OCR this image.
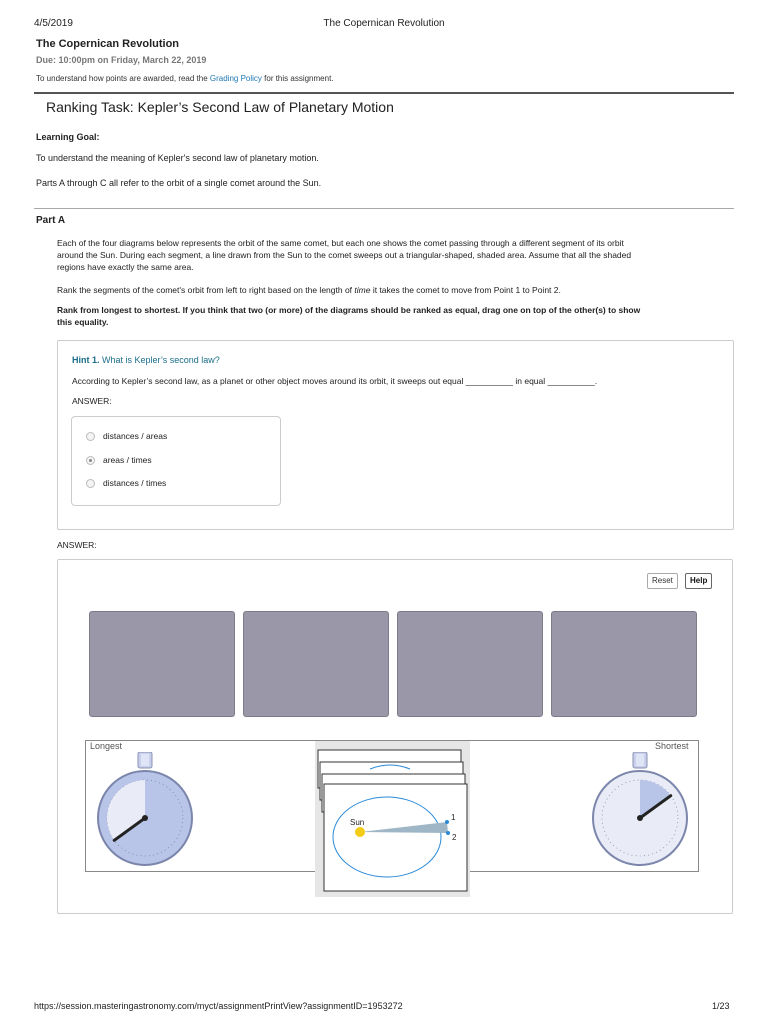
4/5/2019	The Copernican Revolution
The Copernican Revolution
Due: 10:00pm on Friday, March 22, 2019
To understand how points are awarded, read the Grading Policy for this assignment.
Ranking Task: Kepler’s Second Law of Planetary Motion
Learning Goal:
To understand the meaning of Kepler's second law of planetary motion.
Parts A through C all refer to the orbit of a single comet around the Sun.
Part A
Each of the four diagrams below represents the orbit of the same comet, but each one shows the comet passing through a different segment of its orbit
around the Sun. During each segment, a line drawn from the Sun to the comet sweeps out a triangular-shaped, shaded area. Assume that all the shaded
regions have exactly the same area.
Rank the segments of the comet's orbit from left to right based on the length of time it takes the comet to move from Point 1 to Point 2.
Rank from longest to shortest. If you think that two (or more) of the diagrams should be ranked as equal, drag one on top of the other(s) to show
this equality.
Hint 1. What is Kepler’s second law?
According to Kepler’s second law, as a planet or other object moves around its orbit, it sweeps out equal __________ in equal __________.
ANSWER:
distances / areas
areas / times
distances / times
ANSWER:
Reset	Help
Longest	Shortest
Sun
1
2
https://session.masteringastronomy.com/myct/assignmentPrintView?assignmentID=1953272	1/23
